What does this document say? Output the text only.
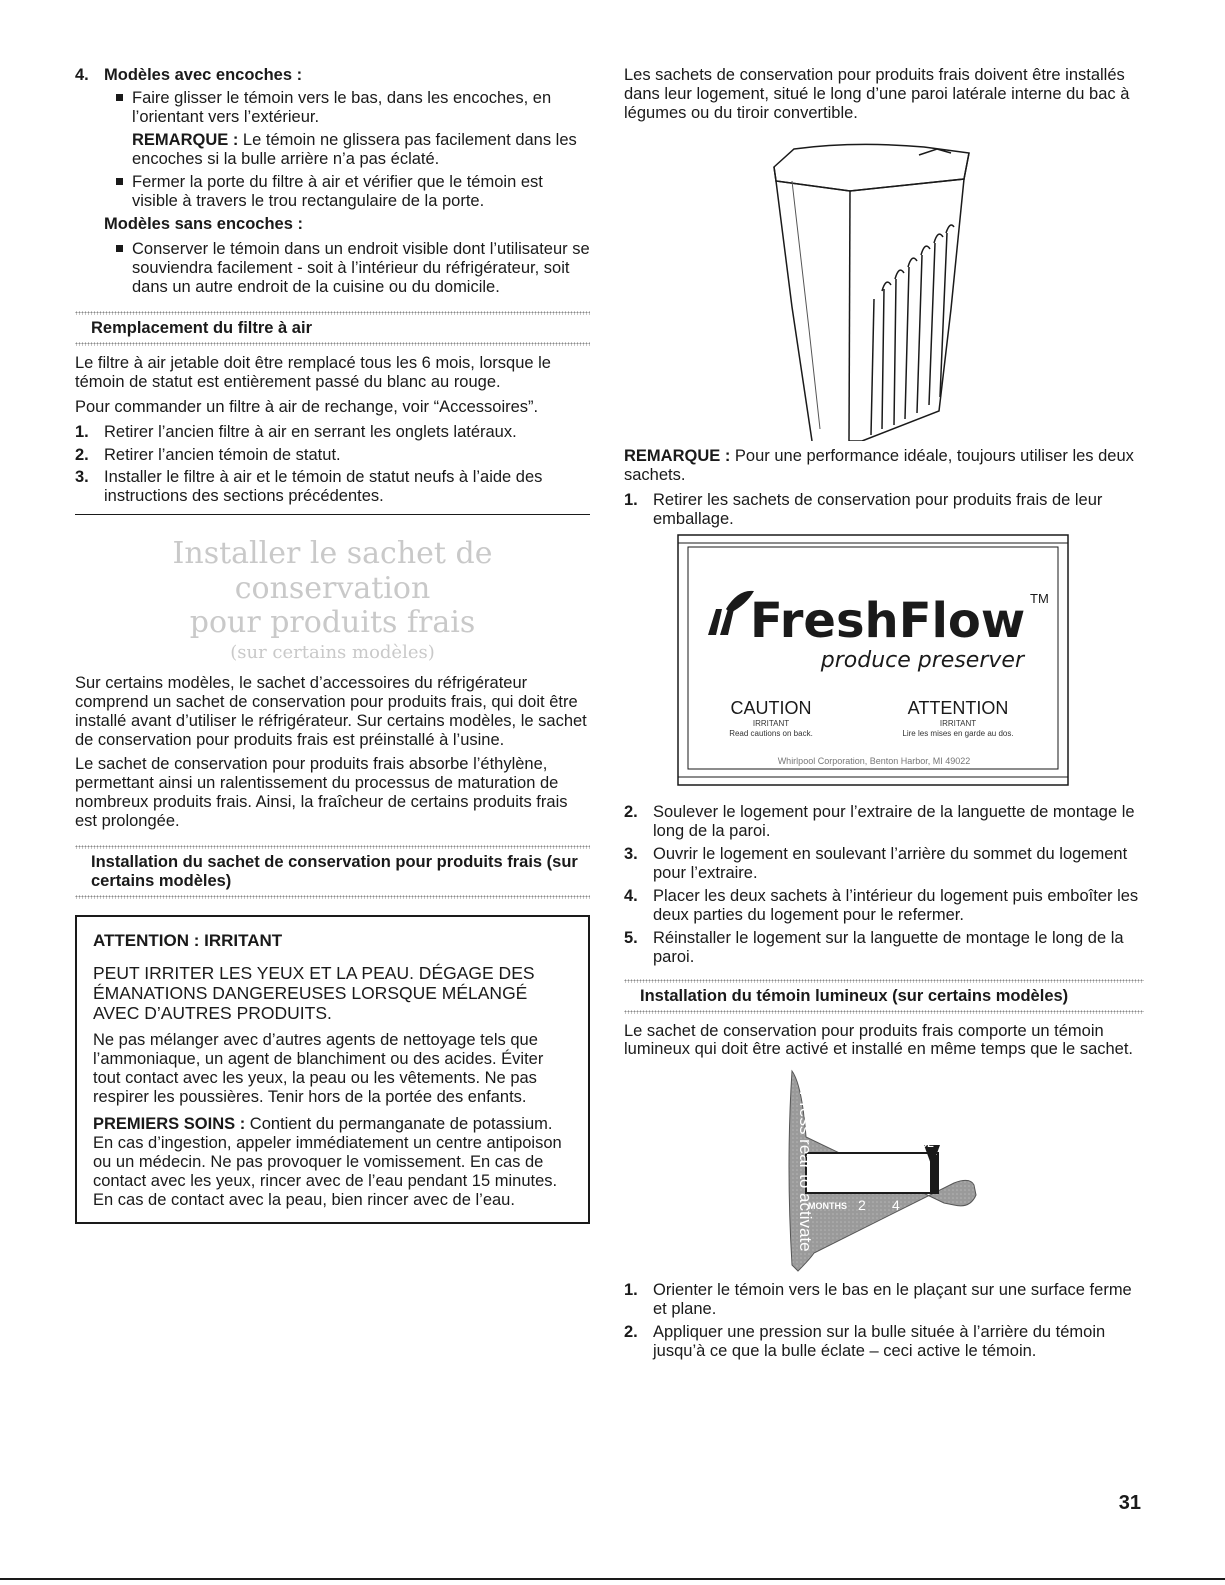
4. Modèles avec encoches :
Faire glisser le témoin vers le bas, dans les encoches, en l’orientant vers l’extérieur.

REMARQUE : Le témoin ne glissera pas facilement dans les encoches si la bulle arrière n’a pas éclaté.

Fermer la porte du filtre à air et vérifier que le témoin est visible à travers le trou rectangulaire de la porte.
Modèles sans encoches :
Conserver le témoin dans un endroit visible dont l’utilisateur se souviendra facilement - soit à l’intérieur du réfrigérateur, soit dans un autre endroit de la cuisine ou du domicile.
Remplacement du filtre à air

Le filtre à air jetable doit être remplacé tous les 6 mois, lorsque le témoin de statut est entièrement passé du blanc au rouge.

Pour commander un filtre à air de rechange, voir “Accessoires”.

1. Retirer l’ancien filtre à air en serrant les onglets latéraux.
2. Retirer l’ancien témoin de statut.
3. Installer le filtre à air et le témoin de statut neufs à l’aide des instructions des sections précédentes.
Installer le sachet de conservation
pour produits frais
(sur certains modèles)

Sur certains modèles, le sachet d’accessoires du réfrigérateur comprend un sachet de conservation pour produits frais, qui doit être installé avant d’utiliser le réfrigérateur. Sur certains modèles, le sachet de conservation pour produits frais est préinstallé à l’usine.

Le sachet de conservation pour produits frais absorbe l’éthylène, permettant ainsi un ralentissement du processus de maturation de nombreux produits frais. Ainsi, la fraîcheur de certains produits frais est prolongée.

Installation du sachet de conservation pour produits frais (sur certains modèles)
ATTENTION : IRRITANT
PEUT IRRITER LES YEUX ET LA PEAU. DÉGAGE DES ÉMANATIONS DANGEREUSES LORSQUE MÉLANGÉ AVEC D’AUTRES PRODUITS.

Ne pas mélanger avec d’autres agents de nettoyage tels que l’ammoniaque, un agent de blanchiment ou des acides. Éviter tout contact avec les yeux, la peau ou les vêtements. Ne pas respirer les poussières. Tenir hors de la portée des enfants.

PREMIERS SOINS : Contient du permanganate de potassium. En cas d’ingestion, appeler immédiatement un centre antipoison ou un médecin. Ne pas provoquer le vomissement. En cas de contact avec les yeux, rincer avec de l’eau pendant 15 minutes. En cas de contact avec la peau, bien rincer avec de l’eau.

Les sachets de conservation pour produits frais doivent être installés dans leur logement, situé le long d’une paroi latérale interne du bac à légumes ou du tiroir convertible.

REMARQUE : Pour une performance idéale, toujours utiliser les deux sachets.

1. Retirer les sachets de conservation pour produits frais de leur emballage.
FreshFlow TM
produce preserver
CAUTION
IRRITANT
Read cautions on back.
ATTENTION
IRRITANT
Lire les mises en garde au dos.
Whirlpool Corporation, Benton Harbor, MI 49022
2. Soulever le logement pour l’extraire de la languette de montage le long de la paroi.
3. Ouvrir le logement en soulevant l’arrière du sommet du logement pour l’extraire.
4. Placer les deux sachets à l’intérieur du logement puis emboîter les deux parties du logement pour le refermer.
5. Réinstaller le logement sur la languette de montage le long de la paroi.
Installation du témoin lumineux (sur certains modèles)

Le sachet de conservation pour produits frais comporte un témoin lumineux qui doit être activé et installé en même temps que le sachet.

Press rear to activate	REPLACE
MONTHS 2 4 6
1. Orienter le témoin vers le bas en le plaçant sur une surface ferme et plane.
2. Appliquer une pression sur la bulle située à l’arrière du témoin jusqu’à ce que la bulle éclate – ceci active le témoin.
31
